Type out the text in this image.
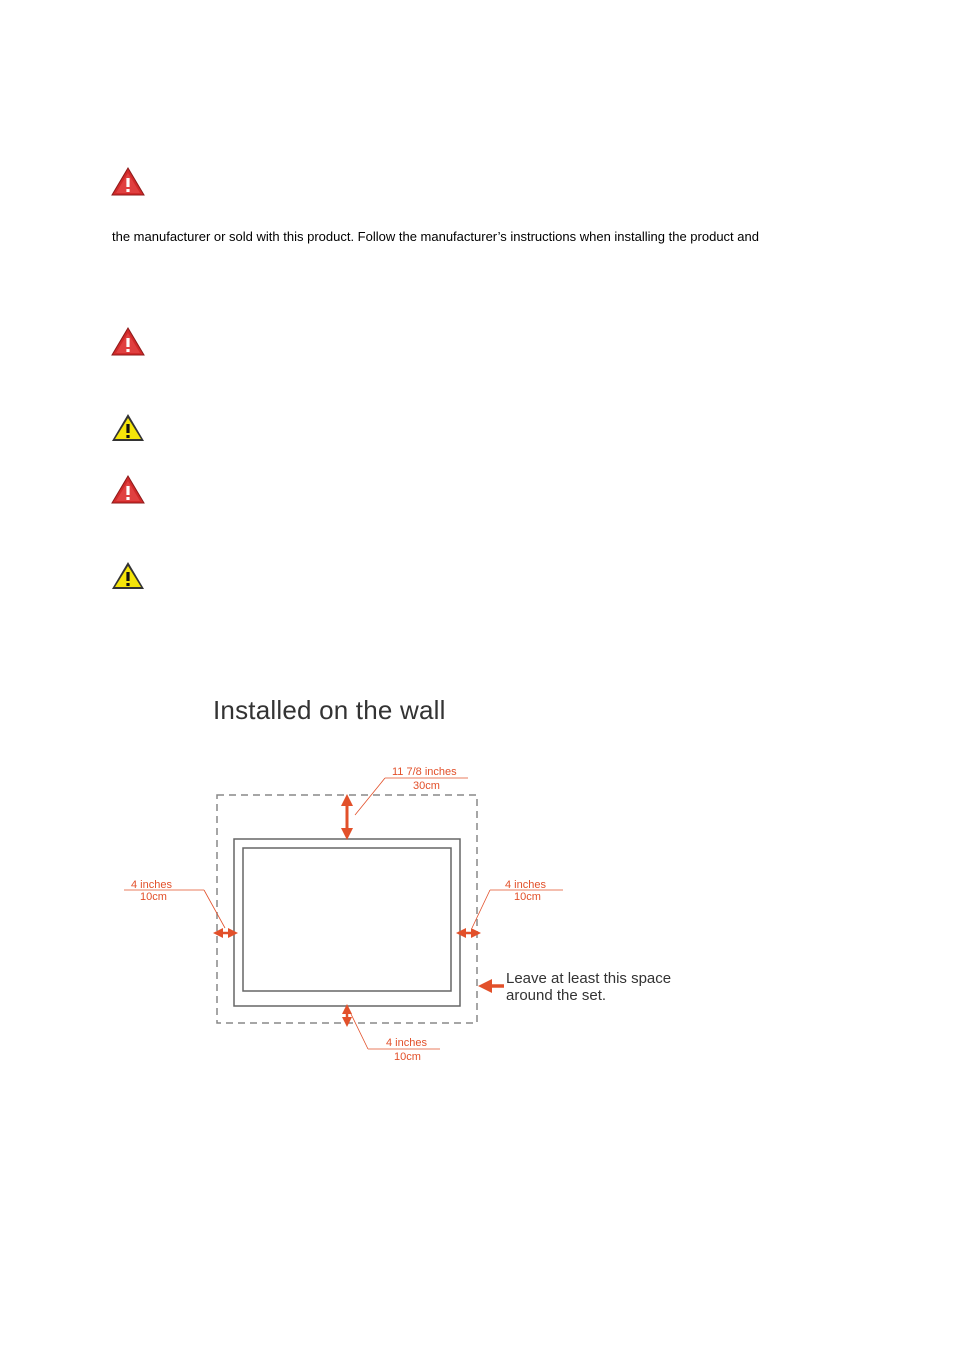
the manufacturer or sold with this product. Follow the manufacturer’s instructions when installing the product and
Installed on the wall
11 7/8 inches
30cm
4 inches
10cm
4 inches
10cm
4 inches
10cm
Leave at least this space
around the set.
